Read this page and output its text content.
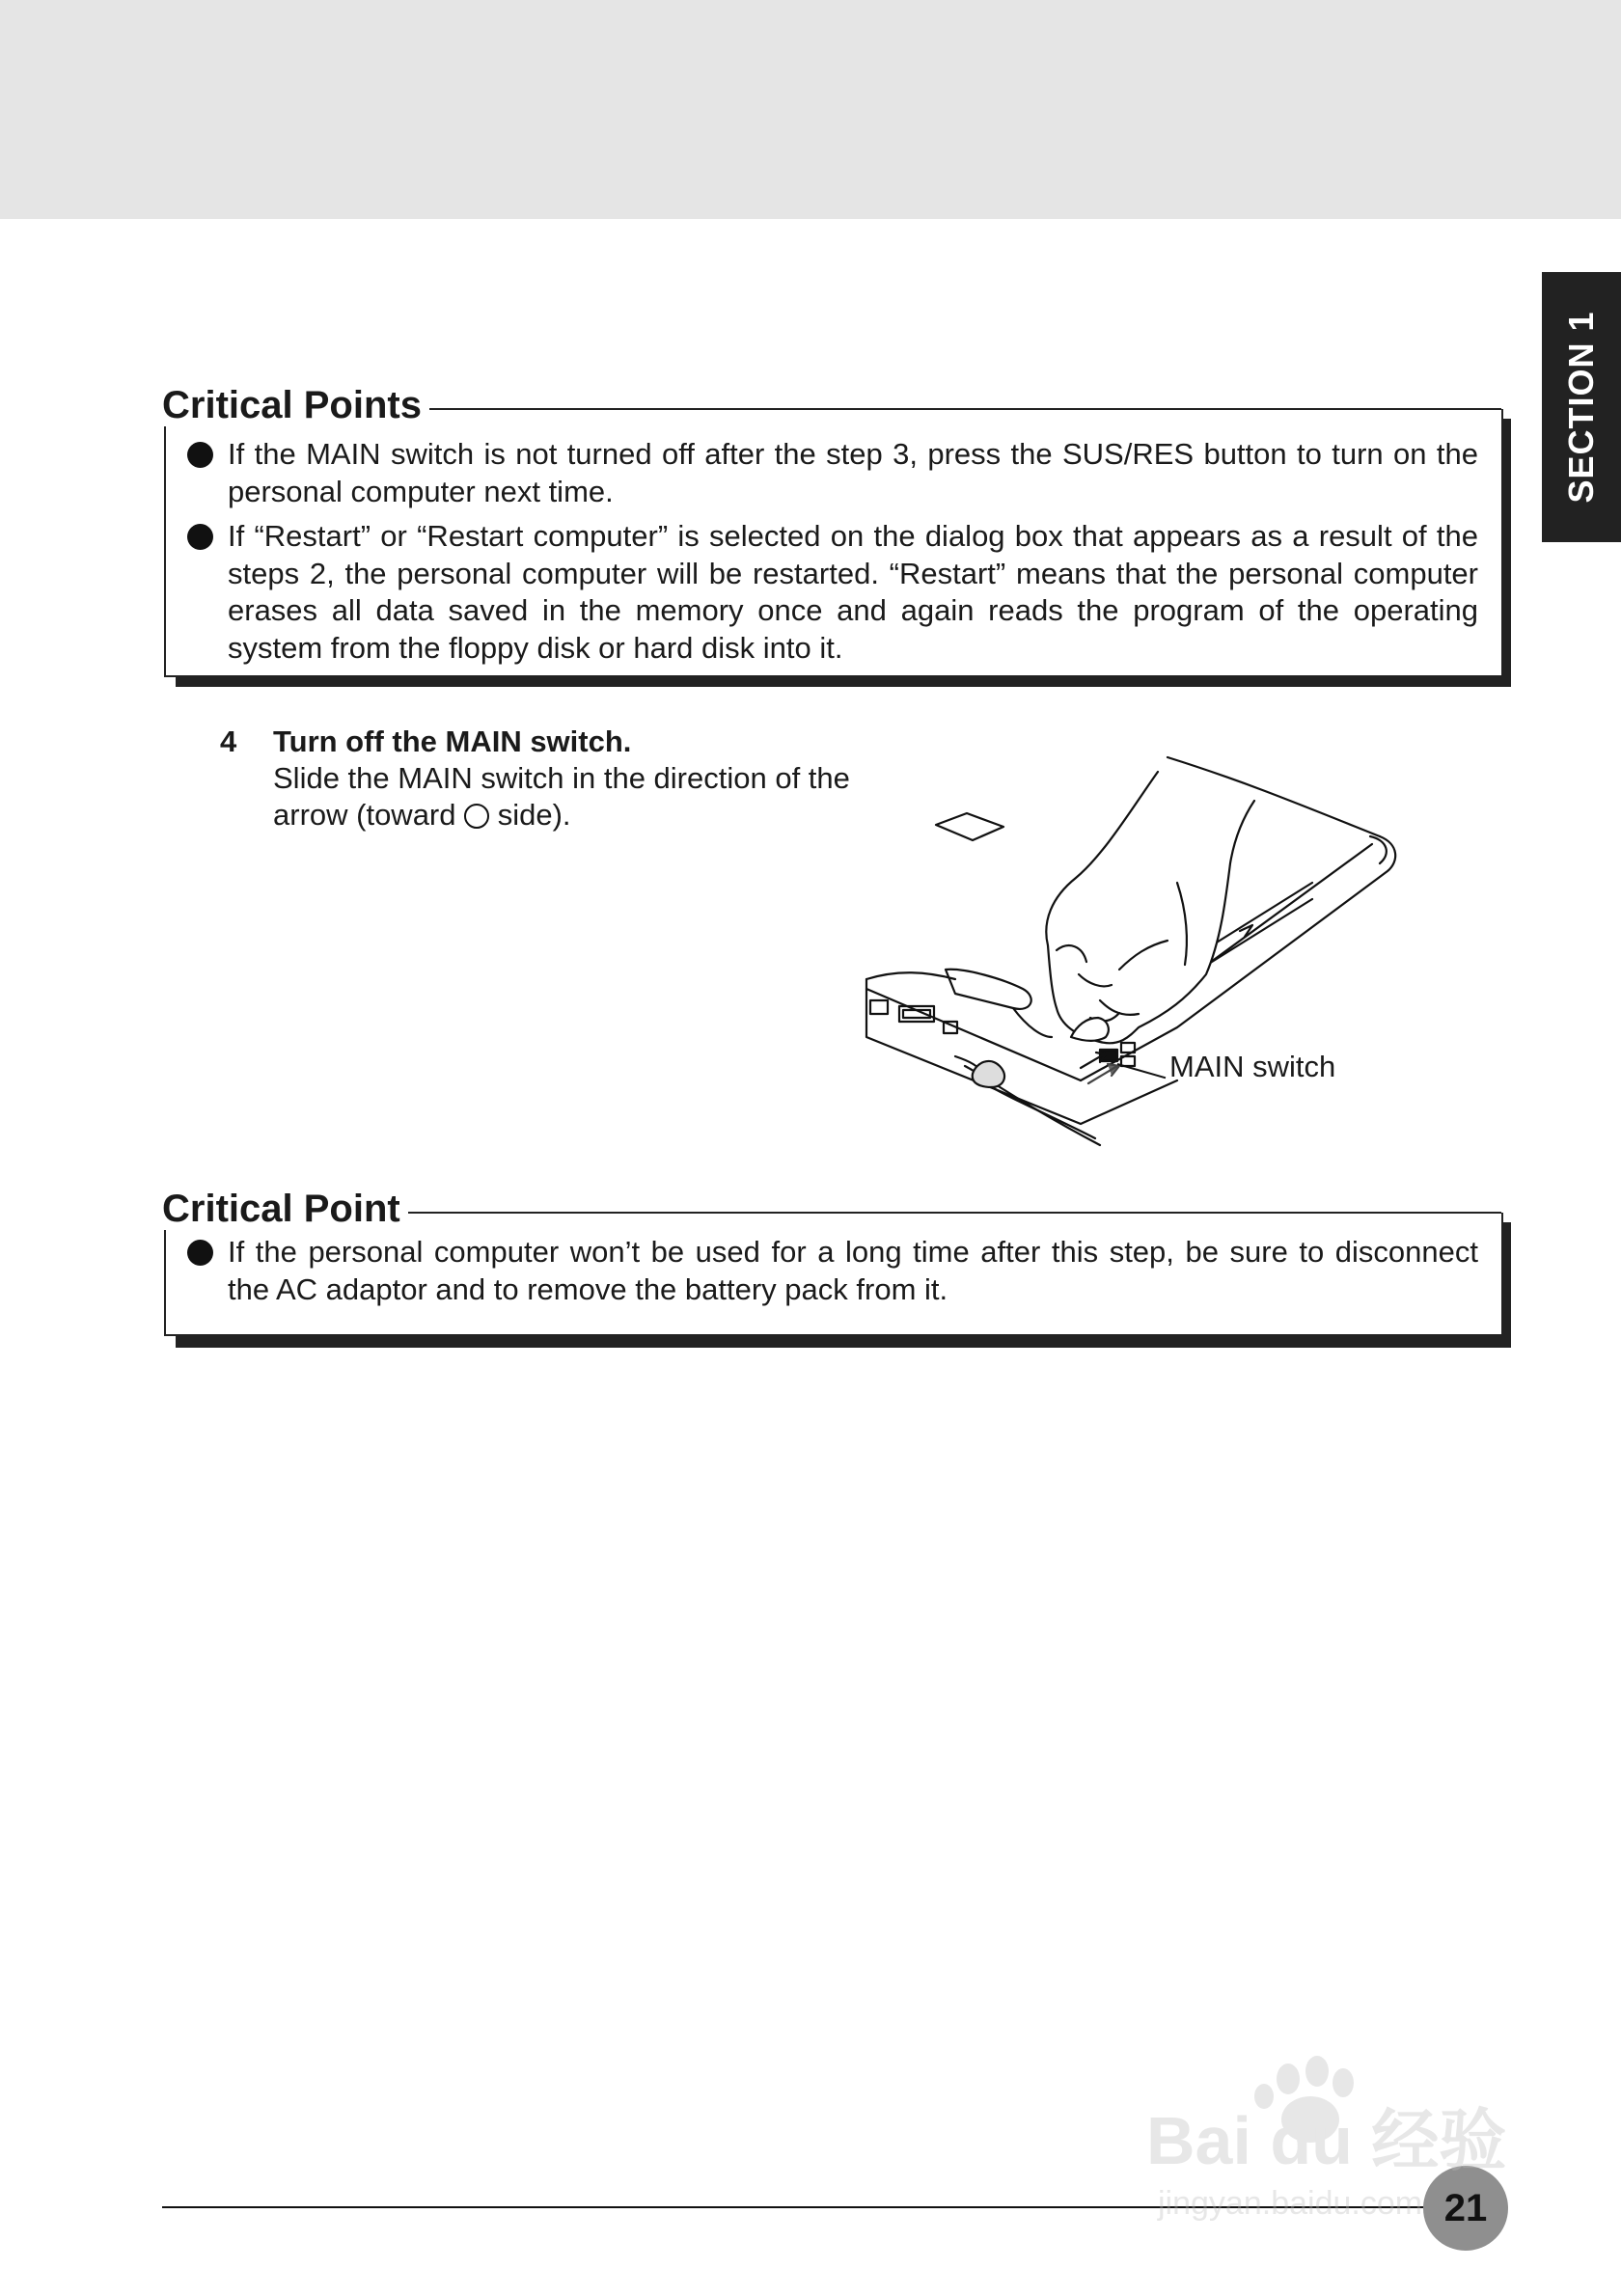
SECTION 1
Critical Points
If the MAIN switch is not turned off after the step 3, press the SUS/RES button to turn on the personal computer next time.
If “Restart” or “Restart computer” is selected on the dialog box that appears as a result of the steps 2, the personal computer will be restarted. “Restart” means that the personal computer erases all data saved in the memory once and again reads the program of the operating system from the floppy disk or hard disk into it.
4 Turn off the MAIN switch.
Slide the MAIN switch in the direction of the arrow (toward  side).
MAIN switch
Critical Point
If the personal computer won’t be used for a long time after this step, be sure to disconnect the AC adaptor and to remove the battery pack from it.
21
Bai du 经验
jingyan.baidu.com
